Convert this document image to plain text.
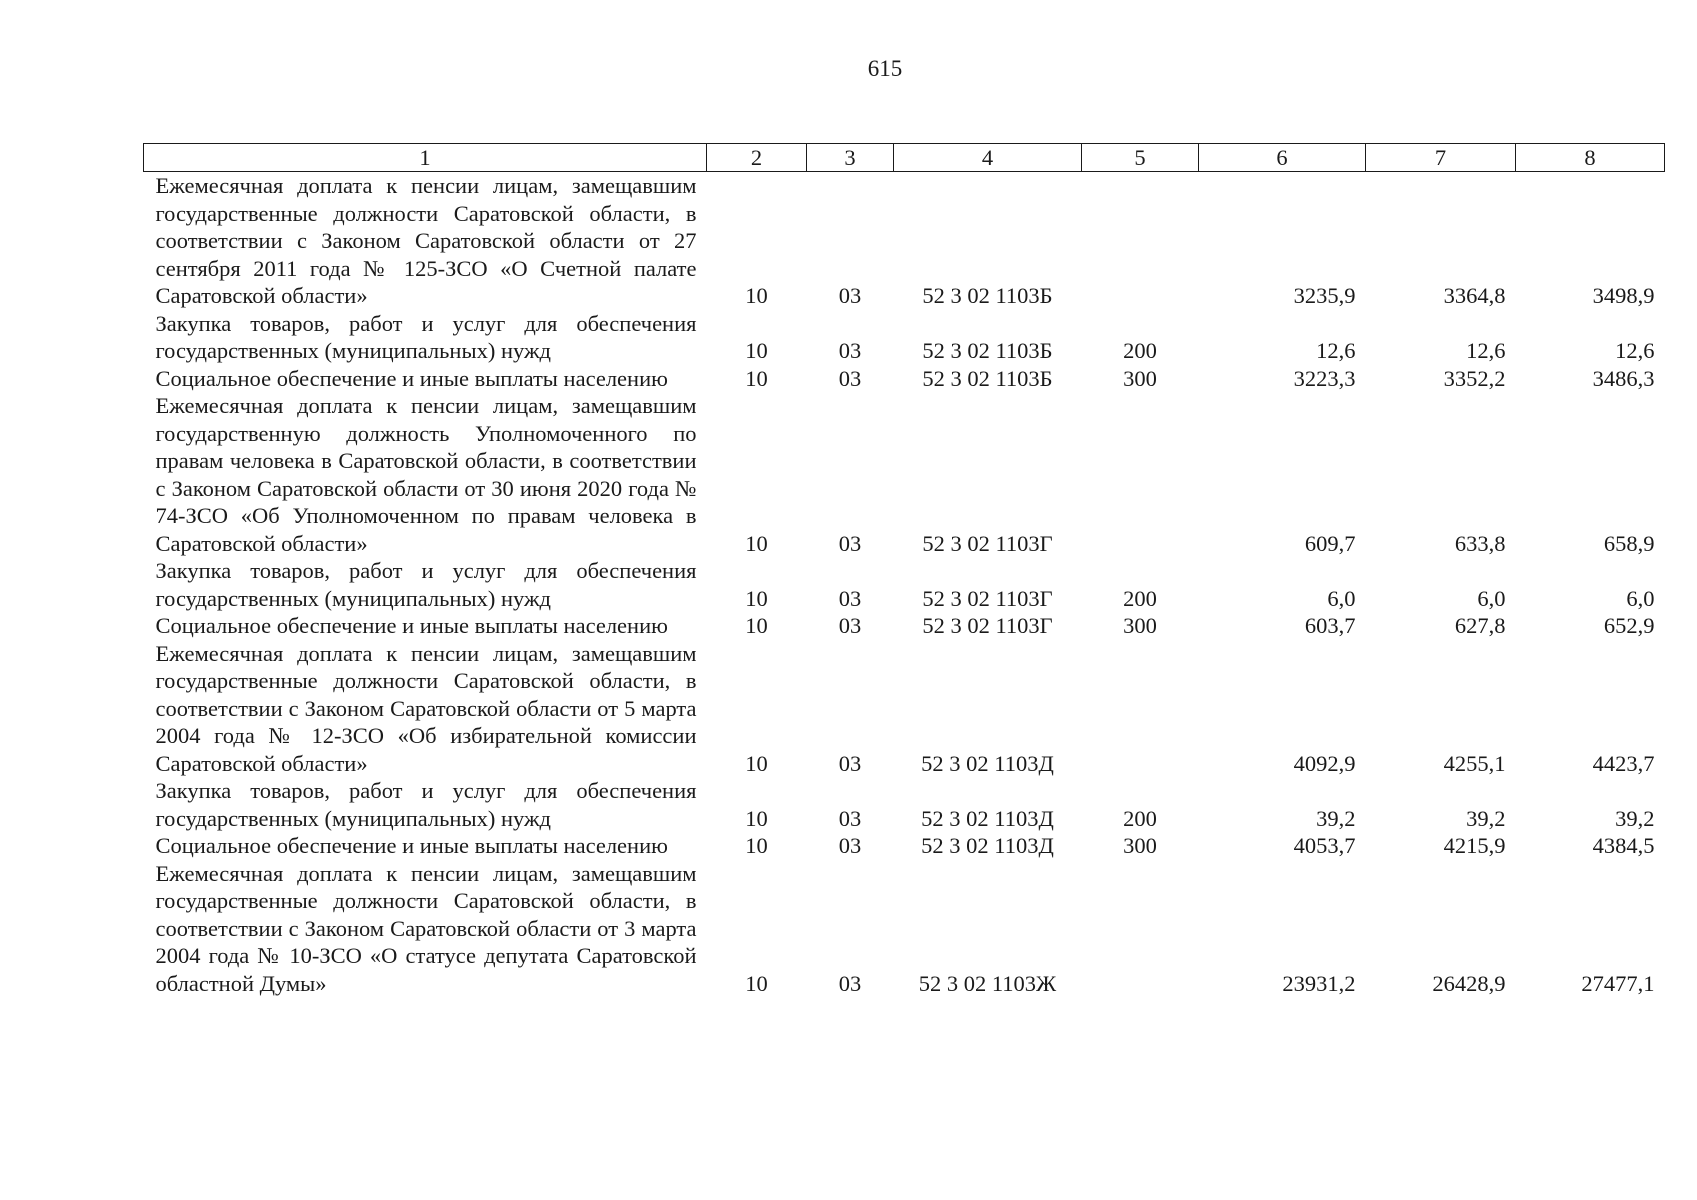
615
1	2	3	4	5	6	7	8
Ежемесячная доплата к пенсии лицам, замещавшим государственные должности Саратовской области, в соответствии с Законом Саратовской области от 27 сентября 2011 года № 125-ЗСО «О Счетной палате Саратовской области»	10	03	52 3 02 1103Б		3235,9	3364,8	3498,9
Закупка товаров, работ и услуг для обеспечения государственных (муниципальных) нужд	10	03	52 3 02 1103Б	200	12,6	12,6	12,6
Социальное обеспечение и иные выплаты населению	10	03	52 3 02 1103Б	300	3223,3	3352,2	3486,3
Ежемесячная доплата к пенсии лицам, замещавшим государственную должность Уполномоченного по правам человека в Саратовской области, в соответствии с Законом Саратовской области от 30 июня 2020 года № 74-ЗСО «Об Уполномоченном по правам человека в Саратовской области»	10	03	52 3 02 1103Г		609,7	633,8	658,9
Закупка товаров, работ и услуг для обеспечения государственных (муниципальных) нужд	10	03	52 3 02 1103Г	200	6,0	6,0	6,0
Социальное обеспечение и иные выплаты населению	10	03	52 3 02 1103Г	300	603,7	627,8	652,9
Ежемесячная доплата к пенсии лицам, замещавшим государственные должности Саратовской области, в соответствии с Законом Саратовской области от 5 марта 2004 года № 12-ЗСО «Об избирательной комиссии Саратовской области»	10	03	52 3 02 1103Д		4092,9	4255,1	4423,7
Закупка товаров, работ и услуг для обеспечения государственных (муниципальных) нужд	10	03	52 3 02 1103Д	200	39,2	39,2	39,2
Социальное обеспечение и иные выплаты населению	10	03	52 3 02 1103Д	300	4053,7	4215,9	4384,5
Ежемесячная доплата к пенсии лицам, замещавшим государственные должности Саратовской области, в соответствии с Законом Саратовской области от 3 марта 2004 года № 10-ЗСО «О статусе депутата Саратовской областной Думы»	10	03	52 3 02 1103Ж		23931,2	26428,9	27477,1
